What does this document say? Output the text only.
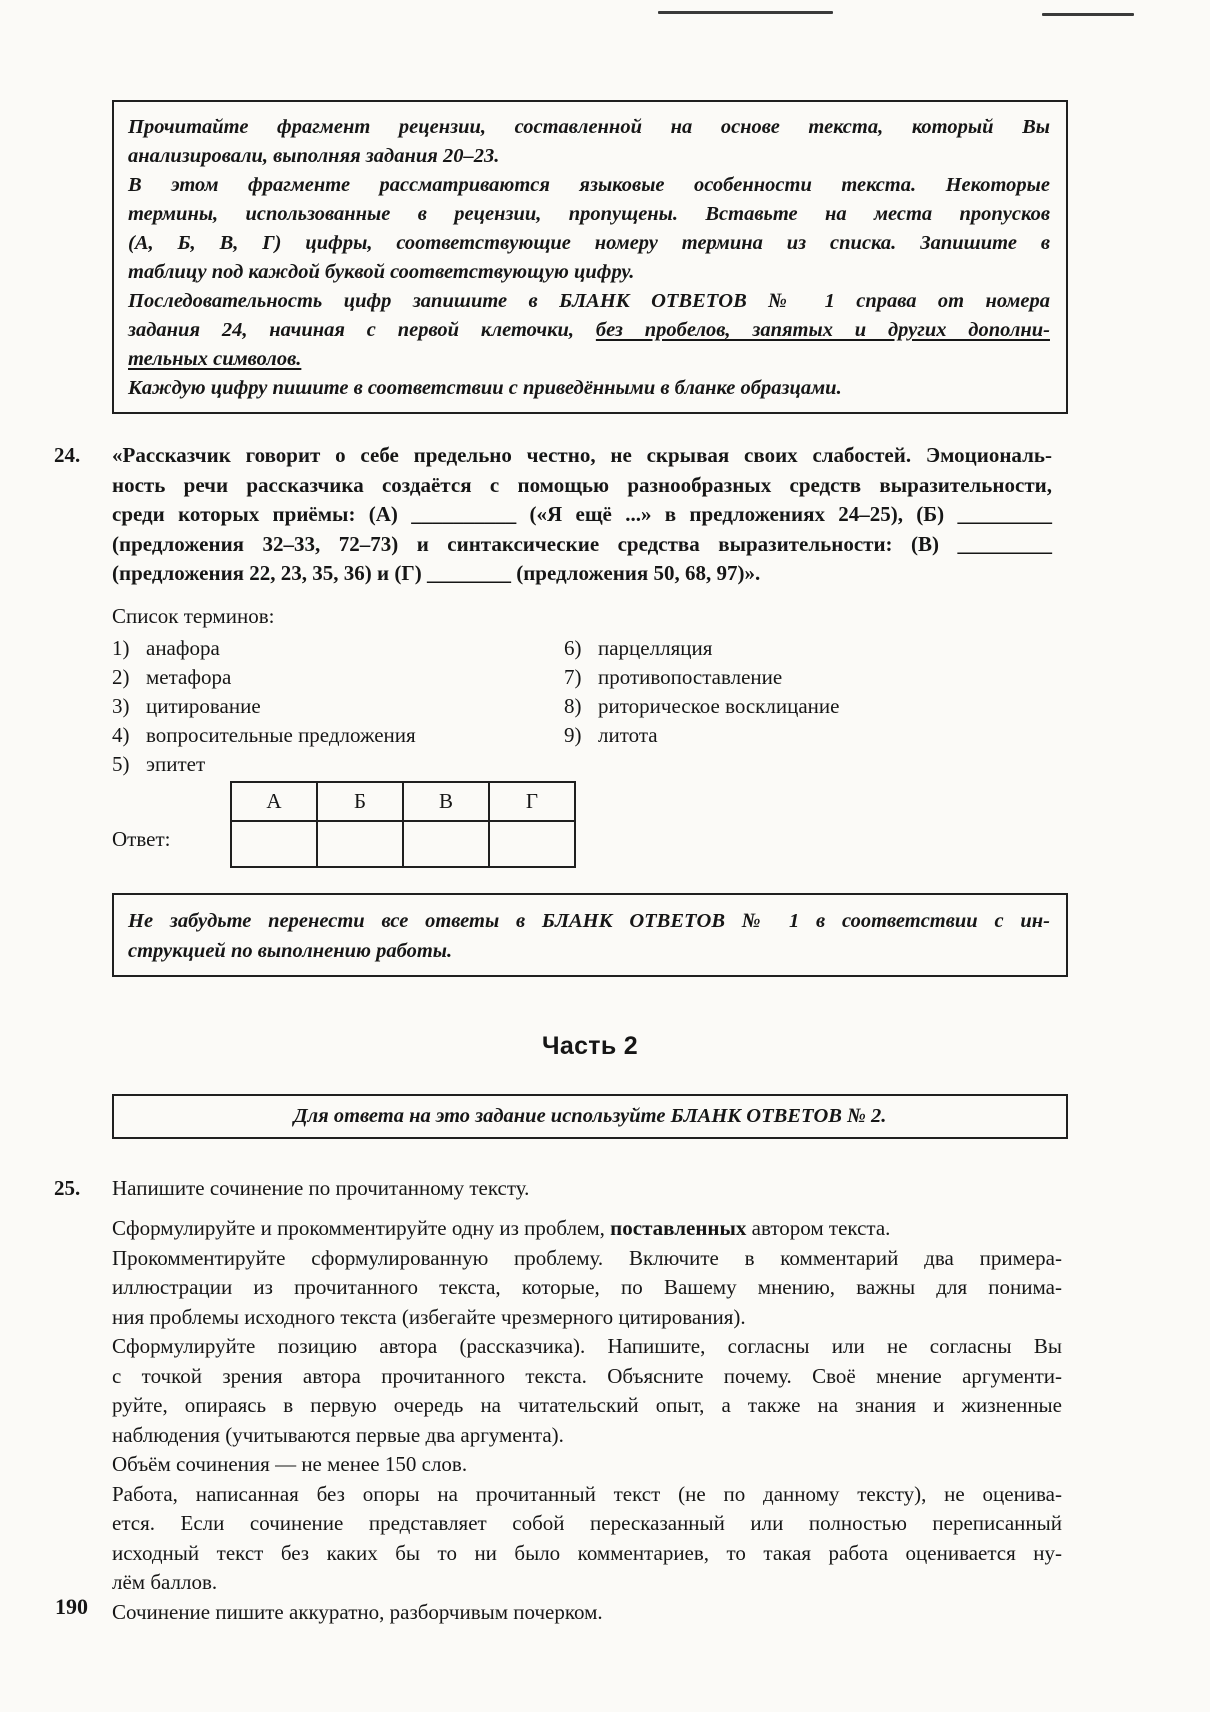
Прочитайте фрагмент рецензии, составленной на основе текста, который Вы
анализировали, выполняя задания 20–23.
В этом фрагменте рассматриваются языковые особенности текста. Некоторые
термины, использованные в рецензии, пропущены. Вставьте на места пропусков
(А, Б, В, Г) цифры, соответствующие номеру термина из списка. Запишите в
таблицу под каждой буквой соответствующую цифру.
Последовательность цифр запишите в БЛАНК ОТВЕТОВ № 1 справа от номера
задания 24, начиная с первой клеточки, без пробелов, запятых и других дополни-
тельных символов.
Каждую цифру пишите в соответствии с приведёнными в бланке образцами.
24. «Рассказчик говорит о себе предельно честно, не скрывая своих слабостей. Эмоциональ-
ность речи рассказчика создаётся с помощью разнообразных средств выразительности,
среди которых приёмы: (А) __________ («Я ещё ...» в предложениях 24–25), (Б) _________
(предложения 32–33, 72–73) и синтаксические средства выразительности: (В) _________
(предложения 22, 23, 35, 36) и (Г) ________ (предложения 50, 68, 97)».
Список терминов:
1) анафора
2) метафора
3) цитирование
4) вопросительные предложения
5) эпитет
6) парцелляция
7) противопоставление
8) риторическое восклицание
9) литота
Ответ:
А	Б	В	Г

Не забудьте перенести все ответы в БЛАНК ОТВЕТОВ № 1 в соответствии с ин-
струкцией по выполнению работы.
Часть 2
Для ответа на это задание используйте БЛАНК ОТВЕТОВ № 2.
25. Напишите сочинение по прочитанному тексту.
Сформулируйте и прокомментируйте одну из проблем, поставленных автором текста.
Прокомментируйте сформулированную проблему. Включите в комментарий два примера-
иллюстрации из прочитанного текста, которые, по Вашему мнению, важны для понима-
ния проблемы исходного текста (избегайте чрезмерного цитирования).
Сформулируйте позицию автора (рассказчика). Напишите, согласны или не согласны Вы
с точкой зрения автора прочитанного текста. Объясните почему. Своё мнение аргументи-
руйте, опираясь в первую очередь на читательский опыт, а также на знания и жизненные
наблюдения (учитываются первые два аргумента).
Объём сочинения — не менее 150 слов.
Работа, написанная без опоры на прочитанный текст (не по данному тексту), не оценива-
ется. Если сочинение представляет собой пересказанный или полностью переписанный
исходный текст без каких бы то ни было комментариев, то такая работа оценивается ну-
лём баллов.
Сочинение пишите аккуратно, разборчивым почерком.
190
